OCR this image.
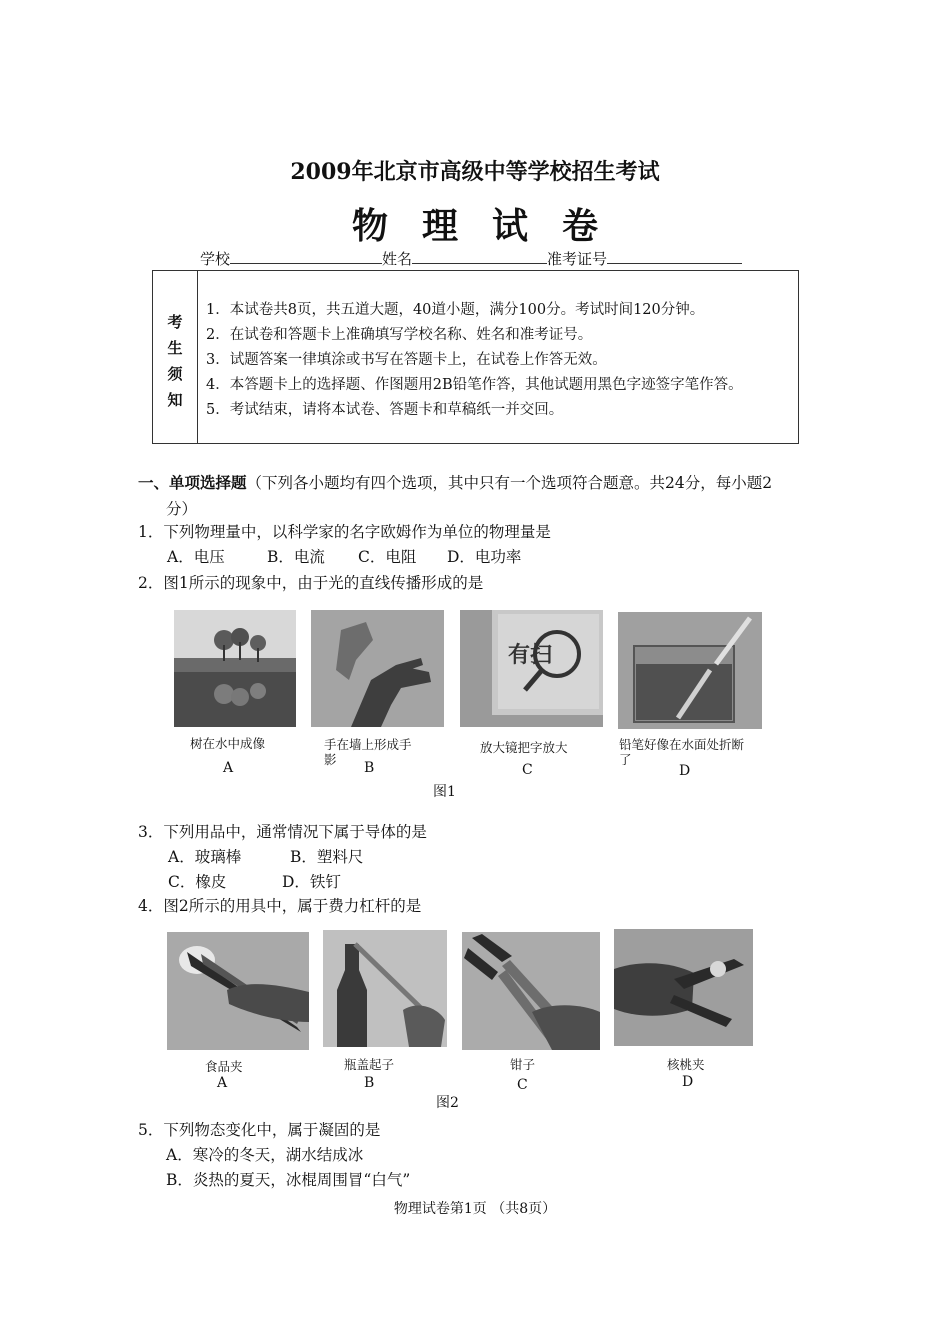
2009年北京市高级中等学校招生考试
物理试卷
学校	姓名	准考证号
考
生
须
知
1．本试卷共8页，共五道大题，40道小题，满分100分。考试时间120分钟。
2．在试卷和答题卡上准确填写学校名称、姓名和准考证号。
3．试题答案一律填涂或书写在答题卡上，在试卷上作答无效。
4．本答题卡上的选择题、作图题用2B铅笔作答，其他试题用黑色字迹签字笔作答。
5．考试结束，请将本试卷、答题卡和草稿纸一并交回。
一、单项选择题（下列各小题均有四个选项，其中只有一个选项符合题意。共24分，每小题2
分）
1．下列物理量中，以科学家的名字欧姆作为单位的物理量是
A．电压	B．电流 C．电阻 D．电功率
2．图1所示的现象中，由于光的直线传播形成的是
有扫
树在水中成像	手在墙上形成手影
放大镜把字放大	铅笔好像在水面处折断了
A	B	C	D
图1
3．下列用品中，通常情况下属于导体的是
A．玻璃棒	B．塑料尺
C．橡皮	D．铁钉
4．图2所示的用具中，属于费力杠杆的是
食品夹	瓶盖起子	钳子	核桃夹
A	B	C	D
图2
5．下列物态变化中，属于凝固的是
A．寒冷的冬天，湖水结成冰
B．炎热的夏天，冰棍周围冒“白气”
物理试卷第1页 （共8页）
